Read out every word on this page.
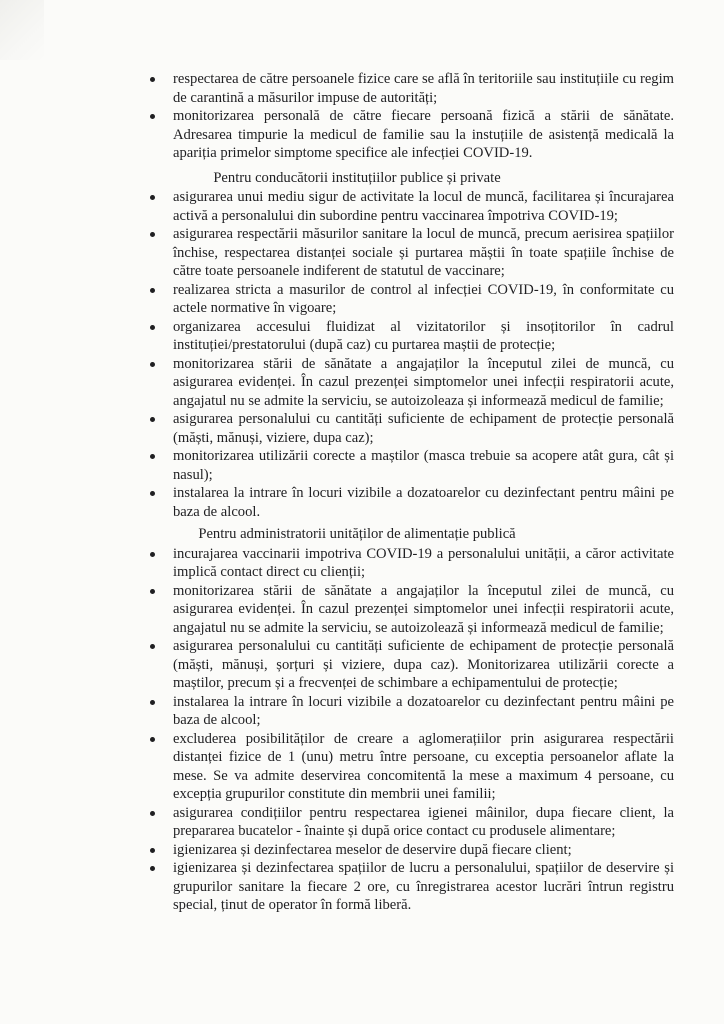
respectarea de către persoanele fizice care se află în teritoriile sau instituțiile cu regim de carantină a măsurilor impuse de autorități;
monitorizarea personală de către fiecare persoană fizică a stării de sănătate. Adresarea timpurie la medicul de familie sau la instuțiile de asistență medicală la apariția primelor simptome specifice ale infecției COVID-19.
Pentru conducătorii instituțiilor publice și private
asigurarea unui mediu sigur de activitate la locul de muncă, facilitarea și încurajarea activă a personalului din subordine pentru vaccinarea împotriva COVID-19;
asigurarea respectării măsurilor sanitare la locul de muncă, precum aerisirea spațiilor închise, respectarea distanței sociale și purtarea măștii în toate spațiile închise de către toate persoanele indiferent de statutul de vaccinare;
realizarea stricta a masurilor de control al infecției COVID-19, în conformitate cu actele normative în vigoare;
organizarea accesului fluidizat al vizitatorilor și insoțitorilor în cadrul instituției/prestatorului (după caz) cu purtarea maștii de protecție;
monitorizarea stării de sănătate a angajaților la începutul zilei de muncă, cu asigurarea evidenței. În cazul prezenței simptomelor unei infecții respiratorii acute, angajatul nu se admite la serviciu, se autoizoleaza și informează medicul de familie;
asigurarea personalului cu cantități suficiente de echipament de protecție personală (măști, mănuși, viziere, dupa caz);
monitorizarea utilizării corecte a maștilor (masca trebuie sa acopere atât gura, cât și nasul);
instalarea la intrare în locuri vizibile a dozatoarelor cu dezinfectant pentru mâini pe baza de alcool.
Pentru administratorii unităților de alimentație publică
incurajarea vaccinarii impotriva COVID-19 a personalului unității, a căror activitate implică contact direct cu clienții;
monitorizarea stării de sănătate a angajaților la începutul zilei de muncă, cu asigurarea evidenței. În cazul prezenței simptomelor unei infecții respiratorii acute, angajatul nu se admite la serviciu, se autoizolează și informează medicul de familie;
asigurarea personalului cu cantități suficiente de echipament de protecție personală (măști, mănuși, șorțuri și viziere, dupa caz). Monitorizarea utilizării corecte a maștilor, precum și a frecvenței de schimbare a echipamentului de protecție;
instalarea la intrare în locuri vizibile a dozatoarelor cu dezinfectant pentru mâini pe baza de alcool;
excluderea posibilităților de creare a aglomerațiilor prin asigurarea respectării distanței fizice de 1 (unu) metru între persoane, cu exceptia persoanelor aflate la mese. Se va admite deservirea concomitentă la mese a maximum 4 persoane, cu excepția grupurilor constitute din membrii unei familii;
asigurarea condițiilor pentru respectarea igienei mâinilor, dupa fiecare client, la prepararea bucatelor - înainte și după orice contact cu produsele alimentare;
igienizarea și dezinfectarea meselor de deservire după fiecare client;
igienizarea și dezinfectarea spațiilor de lucru a personalului, spațiilor de deservire și grupurilor sanitare la fiecare 2 ore, cu înregistrarea acestor lucrări întrun registru special, ținut de operator în formă liberă.
